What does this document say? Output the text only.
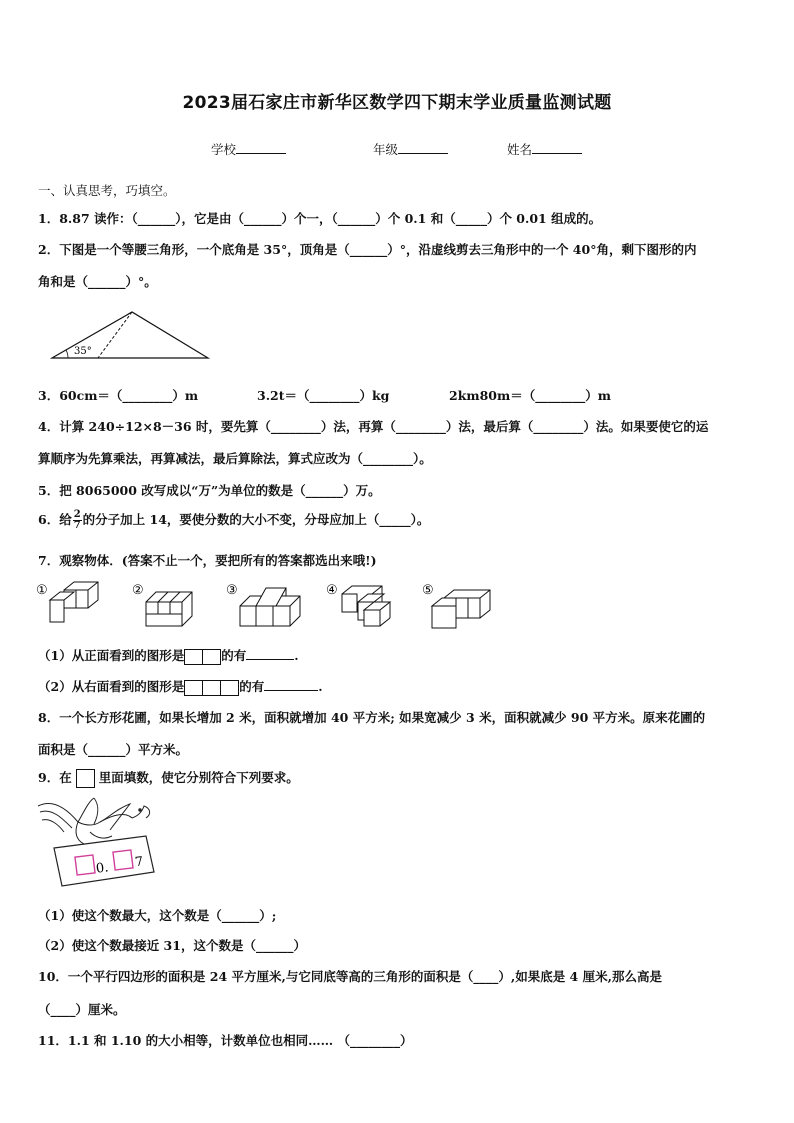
2023届石家庄市新华区数学四下期末学业质量监测试题
学校	年级	姓名
一、认真思考，巧填空。
1．8.87 读作：（______），它是由（______）个一，（______）个 0.1 和（_____）个 0.01 组成的。
2．下图是一个等腰三角形，一个底角是 35°，顶角是（______）°，沿虚线剪去三角形中的一个 40°角，剩下图形的内
角和是（______）°。
35°
3．60cm＝（________）m	3.2t＝（________）kg	2km80m＝（________）m
4．计算 240÷12×8－36 时，要先算（________）法，再算（________）法，最后算（________）法。如果要使它的运
算顺序为先算乘法，再算减法，最后算除法，算式应改为（________）。
5．把 8065000 改写成以“万”为单位的数是（______）万。
6．给 $\frac{2}{7}$ 的分子加上 14，要使分数的大小不变，分母应加上（_____）。
7．观察物体．(答案不止一个，要把所有的答案都选出来哦!)
①	②	③	④	⑤
（1）从正面看到的图形是	的有	.
（2）从右面看到的图形是	的有	.
8．一个长方形花圃，如果长增加 2 米，面积就增加 40 平方米; 如果宽减少 3 米，面积就减少 90 平方米。原来花圃的
面积是（______）平方米。
9．在 里面填数，使它分别符合下列要求。
0. 7
（1）使这个数最大，这个数是（______）;
（2）使这个数最接近 31，这个数是（______）
10．一个平行四边形的面积是 24 平方厘米,与它同底等高的三角形的面积是（____）,如果底是 4 厘米,那么高是
（____）厘米。
11．1.1 和 1.10 的大小相等，计数单位也相同…… （________）
